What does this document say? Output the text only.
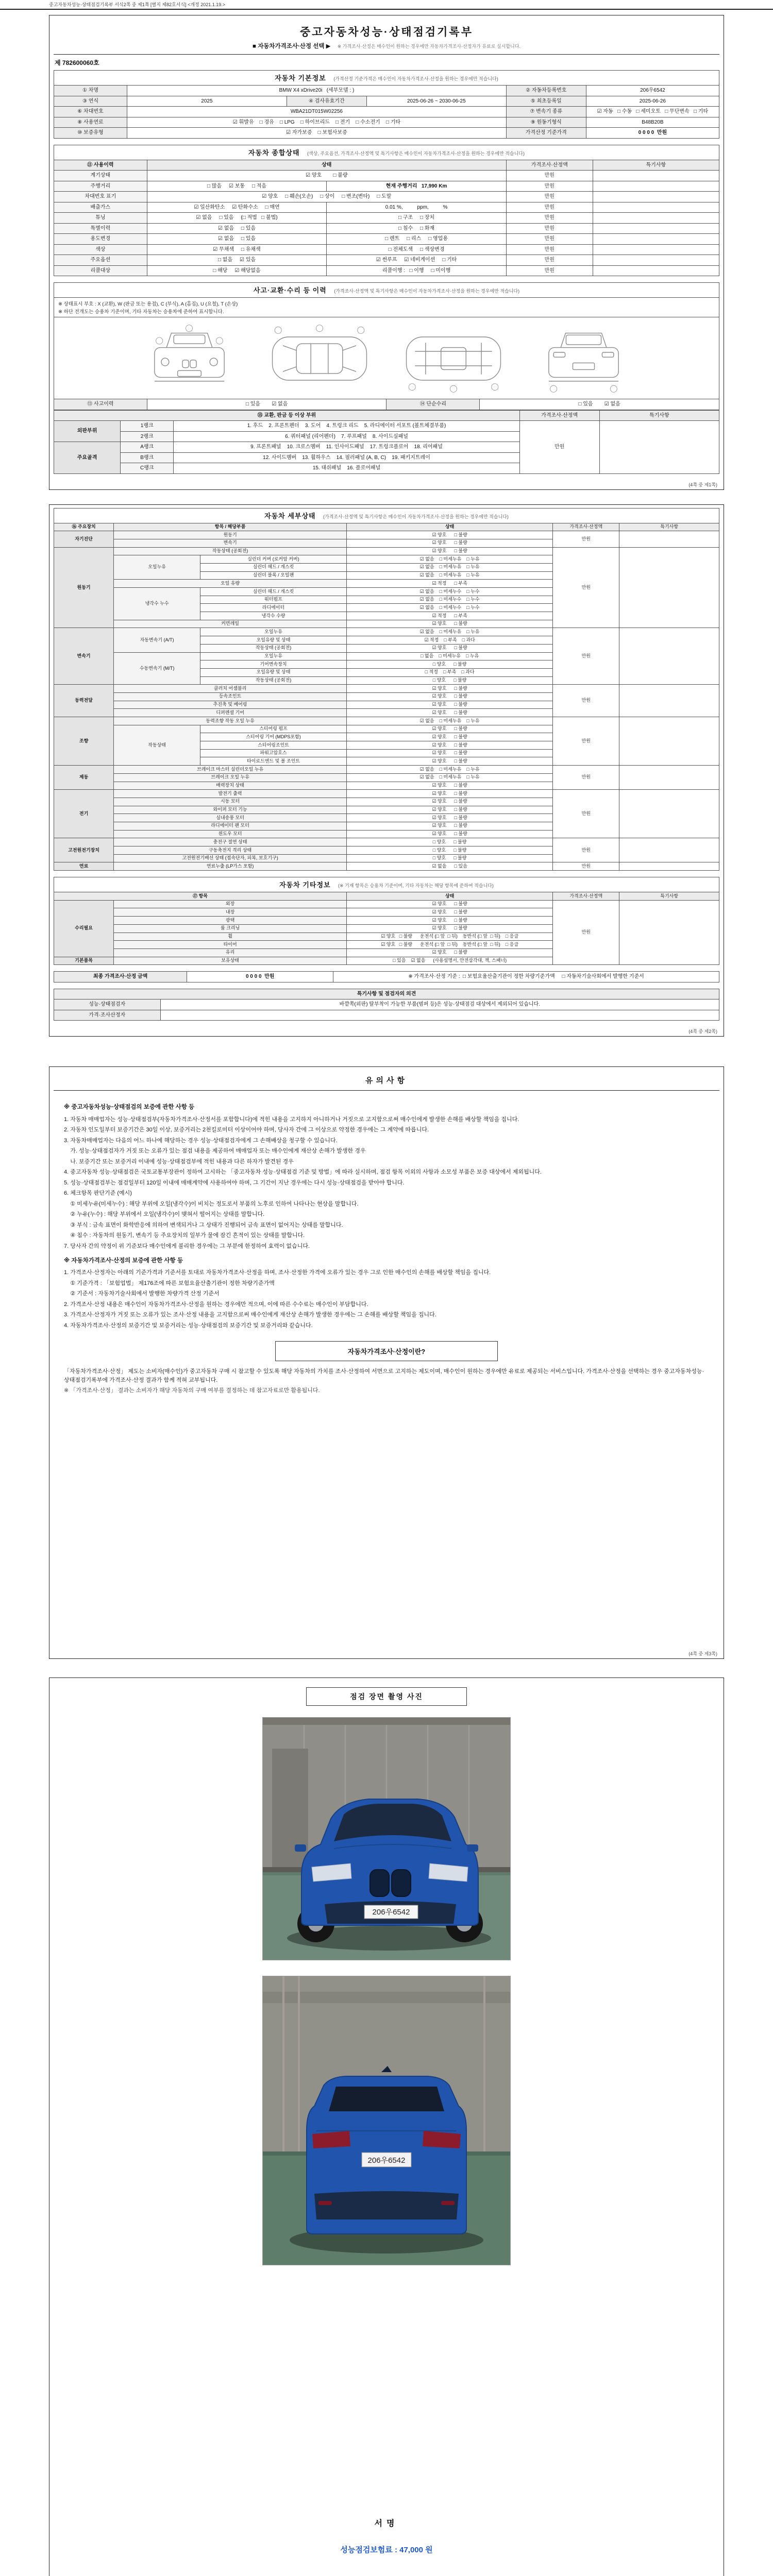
중고자동차성능·상태점검기록부 서식2쪽 중 제1쪽 [별지 제82호서식] <개정 2021.1.19.>
중고자동차성능·상태점검기록부
■ 자동차가격조사·산정 선택 ▶ ※ 가격조사·산정은 매수인이 원하는 경우에만 자동차가격조사·산정자가 유료로 실시합니다.
제 782600060호
자동차 기본정보 (가격산정 기준가격은 매수인이 자동차가격조사·산정을 원하는 경우에만 적습니다)
① 차명	BMW X4 xDrive20i   (세부모델 : )			② 자동차등록번호	206우6542
③ 연식	2025	④ 검사유효기간	2025-06-26 ~ 2030-06-25	⑤ 최초등록일	2025-06-26
⑥ 차대번호	WBA21DT015W02256			⑦ 변속기 종류	☑ 자동   □ 수동   □ 세미오토   □ 무단변속   □ 기타
⑧ 사용연료	☑ 휘발유    □ 경유    □ LPG    □ 하이브리드    □ 전기    □ 수소전기    □ 기타			⑨ 원동기형식	B48B20B
⑩ 보증유형	☑ 자가보증    □ 보험사보증			가격산정 기준가격	0 0 0 0  만원
자동차 종합상태 (색상, 주요옵션, 가격조사·산정액 및 특기사항은 매수인이 자동차가격조사·산정을 원하는 경우에만 적습니다)
⑪ 사용이력	상태		가격조사·산정액	특기사항
계기상태	☑ 양호        □ 불량		만원	
주행거리	□ 많음     ☑ 보통     □ 적음	현재 주행거리   17,990 Km	만원	
차대번호 표기	☑ 양호     □ 훼손(오손)     □ 상이     □ 변조(변타)     □ 도말		만원	
배출가스	☑ 일산화탄소     ☑ 탄화수소     □ 매연	0.01 %,          ppm,          %	만원	
튜닝	☑ 없음     □ 있음     (□ 적법   □ 불법)	□ 구조     □ 장치	만원	
특별이력	☑ 없음     □ 있음	□ 침수     □ 화재	만원	
용도변경	☑ 없음     □ 있음	□ 렌트     □ 리스     □ 영업용	만원	
색상	☑ 무채색     □ 유채색	□ 전체도색     □ 색상변경	만원	
주요옵션	□ 없음     ☑ 있음	☑ 썬루프     ☑ 네비게이션     □ 기타	만원	
리콜대상	□ 해당     ☑ 해당없음	리콜이행 :   □ 이행     □ 미이행	만원	
사고·교환·수리 등 이력 (가격조사·산정액 및 특기사항은 매수인이 자동차가격조사·산정을 원하는 경우에만 적습니다)

※ 상태표시 부호 : X (교환), W (판금 또는 용접), C (부식), A (흠집), U (요철), T (손상)

※ 하단 전개도는 승용차 기준이며, 기타 자동차는 승용차에 준하여 표시합니다.

⑬ 사고이력	□ 있음        ☑ 없음	⑭ 단순수리	□ 있음        ☑ 없음
⑮ 교환, 판금 등 이상 부위			가격조사·산정액	특기사항
외판부위	1랭크	1. 후드    2. 프론트펜더    3. 도어    4. 트렁크 리드    5. 라디에이터 서포트 (볼트체결부품)	만원	
	2랭크	6. 쿼터패널 (리어펜더)    7. 루프패널    8. 사이드실패널		
주요골격	A랭크	9. 프론트패널    10. 크로스멤버    11. 인사이드패널    17. 트렁크플로어    18. 리어패널		
	B랭크	12. 사이드멤버    13. 휠하우스    14. 필러패널 (A, B, C)    19. 패키지트레이		
	C랭크	15. 대쉬패널    16. 플로어패널		
(4쪽 중 제1쪽)
자동차 세부상태 (가격조사·산정액 및 특기사항은 매수인이 자동차가격조사·산정을 원하는 경우에만 적습니다)
⑯ 주요장치	항목 / 해당부품		상태	가격조사·산정액	특기사항
자기진단	원동기		☑ 양호      □ 불량	만원	
	변속기		☑ 양호      □ 불량		
원동기	작동상태 (공회전)		☑ 양호      □ 불량	만원	
	오일누유	실린더 커버 (로커암 커버)	☑ 없음    □ 미세누유    □ 누유		
		실린더 헤드 / 개스킷	☑ 없음    □ 미세누유    □ 누유		
		실린더 블록 / 오일팬	☑ 없음    □ 미세누유    □ 누유		
	오일 유량		☑ 적정      □ 부족		
	냉각수 누수	실린더 헤드 / 개스킷	☑ 없음    □ 미세누수    □ 누수		
		워터펌프	☑ 없음    □ 미세누수    □ 누수		
		라디에이터	☑ 없음    □ 미세누수    □ 누수		
		냉각수 수량	☑ 적정      □ 부족		
	커먼레일		☑ 양호      □ 불량		
변속기	자동변속기 (A/T)	오일누유	☑ 없음    □ 미세누유    □ 누유	만원	
		오일유량 및 상태	☑ 적정    □ 부족    □ 과다		
		작동상태 (공회전)	☑ 양호      □ 불량		
	수동변속기 (M/T)	오일누유	□ 없음    □ 미세누유    □ 누유		
		기어변속장치	□ 양호      □ 불량		
		오일유량 및 상태	□ 적정    □ 부족    □ 과다		
		작동상태 (공회전)	□ 양호      □ 불량		
동력전달	클러치 어셈블리		☑ 양호      □ 불량	만원	
	등속조인트		☑ 양호      □ 불량		
	추진축 및 베어링		☑ 양호      □ 불량		
	디퍼렌셜 기어		☑ 양호      □ 불량		
조향	동력조향 작동 오일 누유		☑ 없음    □ 미세누유    □ 누유	만원	
	작동상태	스티어링 펌프	☑ 양호      □ 불량		
		스티어링 기어 (MDPS포함)	☑ 양호      □ 불량		
		스티어링조인트	☑ 양호      □ 불량		
		파워고압호스	☑ 양호      □ 불량		
		타이로드엔드 및 볼 조인트	☑ 양호      □ 불량		
제동	브레이크 마스터 실린더오일 누유		☑ 없음    □ 미세누유    □ 누유	만원	
	브레이크 오일 누유		☑ 없음    □ 미세누유    □ 누유		
	배력장치 상태		☑ 양호      □ 불량		
전기	발전기 출력		☑ 양호      □ 불량	만원	
	시동 모터		☑ 양호      □ 불량		
	와이퍼 모터 기능		☑ 양호      □ 불량		
	실내송풍 모터		☑ 양호      □ 불량		
	라디에이터 팬 모터		☑ 양호      □ 불량		
	윈도우 모터		☑ 양호      □ 불량		
고전원전기장치	충전구 절연 상태		□ 양호      □ 불량	만원	
	구동축전지 격리 상태		□ 양호      □ 불량		
	고전원전기배선 상태 (접속단자, 피복, 보호기구)		□ 양호      □ 불량		
연료	연료누출 (LP가스 포함)		☑ 없음      □ 있음	만원	
자동차 기타정보 (※ 기재 항목은 승용차 기준이며, 기타 자동차는 해당 항목에 준하여 적습니다)
⑰ 항목		상태	가격조사·산정액	특기사항
수리필요	외장	☑ 양호      □ 불량	만원	
	내장	☑ 양호      □ 불량		
	광택	☑ 양호      □ 불량		
	룸 크리닝	☑ 양호      □ 불량		
	휠	☑ 양호   □ 불량      운전석 (□ 앞  □ 뒤)    동반석 (□ 앞  □ 뒤)    □ 응급		
	타이어	☑ 양호   □ 불량      운전석 (□ 앞  □ 뒤)    동반석 (□ 앞  □ 뒤)    □ 응급		
	유리	☑ 양호      □ 불량		
기본품목	보유상태	□ 있음    ☑ 없음      (사용설명서, 안전삼각대, 잭, 스패너)		
최종 가격조사·산정 금액	0 0 0 0  만원	※ 가격조사·산정 기준 :  □ 보험요율산출기관이 정한 차량기준가액     □ 자동차기술사회에서 발행한 기준서
특기사항 및 점검자의 의견	
성능·상태점검자	바깥쪽(외판) 탈부착이 가능한 부품(범퍼 등)은 성능·상태점검 대상에서 제외되어 있습니다.
가격·조사산정자	
(4쪽 중 제2쪽)
유의사항

※ 중고자동차성능·상태점검의 보증에 관한 사항 등

1. 자동차 매매업자는 성능·상태점검부(자동차가격조사·산정서를 포함합니다)에 적힌 내용을 고지하지 아니하거나 거짓으로 고지함으로써 매수인에게 발생한 손해를 배상할 책임을 집니다.

2. 자동차 인도일부터 보증기간은 30일 이상, 보증거리는 2천킬로미터 이상이어야 하며, 당사자 간에 그 이상으로 약정한 경우에는 그 계약에 따릅니다.

3. 자동차매매업자는 다음의 어느 하나에 해당하는 경우 성능·상태점검자에게 그 손해배상을 청구할 수 있습니다.

가. 성능·상태점검자가 거짓 또는 오류가 있는 점검 내용을 제공하여 매매업자 또는 매수인에게 재산상 손해가 발생한 경우

나. 보증기간 또는 보증거리 이내에 성능·상태점검부에 적힌 내용과 다른 하자가 발견된 경우

4. 중고자동차 성능·상태점검은 국토교통부장관이 정하여 고시하는 「중고자동차 성능·상태점검 기준 및 방법」에 따라 실시하며, 점검 항목 이외의 사항과 소모성 부품은 보증 대상에서 제외됩니다.

5. 성능·상태점검부는 점검일부터 120일 이내에 매매계약에 사용하여야 하며, 그 기간이 지난 경우에는 다시 성능·상태점검을 받아야 합니다.

6. 체크항목 판단기준 (예시)

① 미세누유(미세누수) : 해당 부위에 오일(냉각수)이 비치는 정도로서 부품의 노후로 인하여 나타나는 현상을 말합니다.

② 누유(누수) : 해당 부위에서 오일(냉각수)이 맺혀서 떨어지는 상태를 말합니다.

③ 부식 : 금속 표면이 화학반응에 의하여 변색되거나 그 상태가 진행되어 금속 표면이 없어지는 상태를 말합니다.

④ 침수 : 자동차의 원동기, 변속기 등 주요장치의 일부가 물에 잠긴 흔적이 있는 상태를 말합니다.

7. 당사자 간의 약정이 위 기준보다 매수인에게 불리한 경우에는 그 부분에 한정하여 효력이 없습니다.

※ 자동차가격조사·산정의 보증에 관한 사항 등

1. 가격조사·산정자는 아래의 기준가격과 기준서를 토대로 자동차가격조사·산정을 하며, 조사·산정한 가격에 오류가 있는 경우 그로 인한 매수인의 손해를 배상할 책임을 집니다.

① 기준가격 : 「보험업법」 제176조에 따른 보험요율산출기관이 정한 차량기준가액

② 기준서 : 자동차기술사회에서 발행한 차량가격 산정 기준서

2. 가격조사·산정 내용은 매수인이 자동차가격조사·산정을 원하는 경우에만 적으며, 이에 따른 수수료는 매수인이 부담합니다.

3. 가격조사·산정자가 거짓 또는 오류가 있는 조사·산정 내용을 고지함으로써 매수인에게 재산상 손해가 발생한 경우에는 그 손해를 배상할 책임을 집니다.

4. 자동차가격조사·산정의 보증기간 및 보증거리는 성능·상태점검의 보증기간 및 보증거리와 같습니다.

자동차가격조사·산정이란?

「자동차가격조사·산정」 제도는 소비자(매수인)가 중고자동차 구매 시 참고할 수 있도록 해당 자동차의 가치를 조사·산정하여 서면으로 고지하는 제도이며, 매수인이 원하는 경우에만 유료로 제공되는 서비스입니다. 가격조사·산정을 선택하는 경우 중고자동차성능·상태점검기록부에 가격조사·산정 결과가 함께 적혀 교부됩니다.

※ 「가격조사·산정」 결과는 소비자가 해당 자동차의 구매 여부를 결정하는 데 참고자료로만 활용됩니다.

(4쪽 중 제3쪽)
점검 장면 촬영 사진
206우6542
206우6542
서명
성능점검보험료 : 47,000 원
